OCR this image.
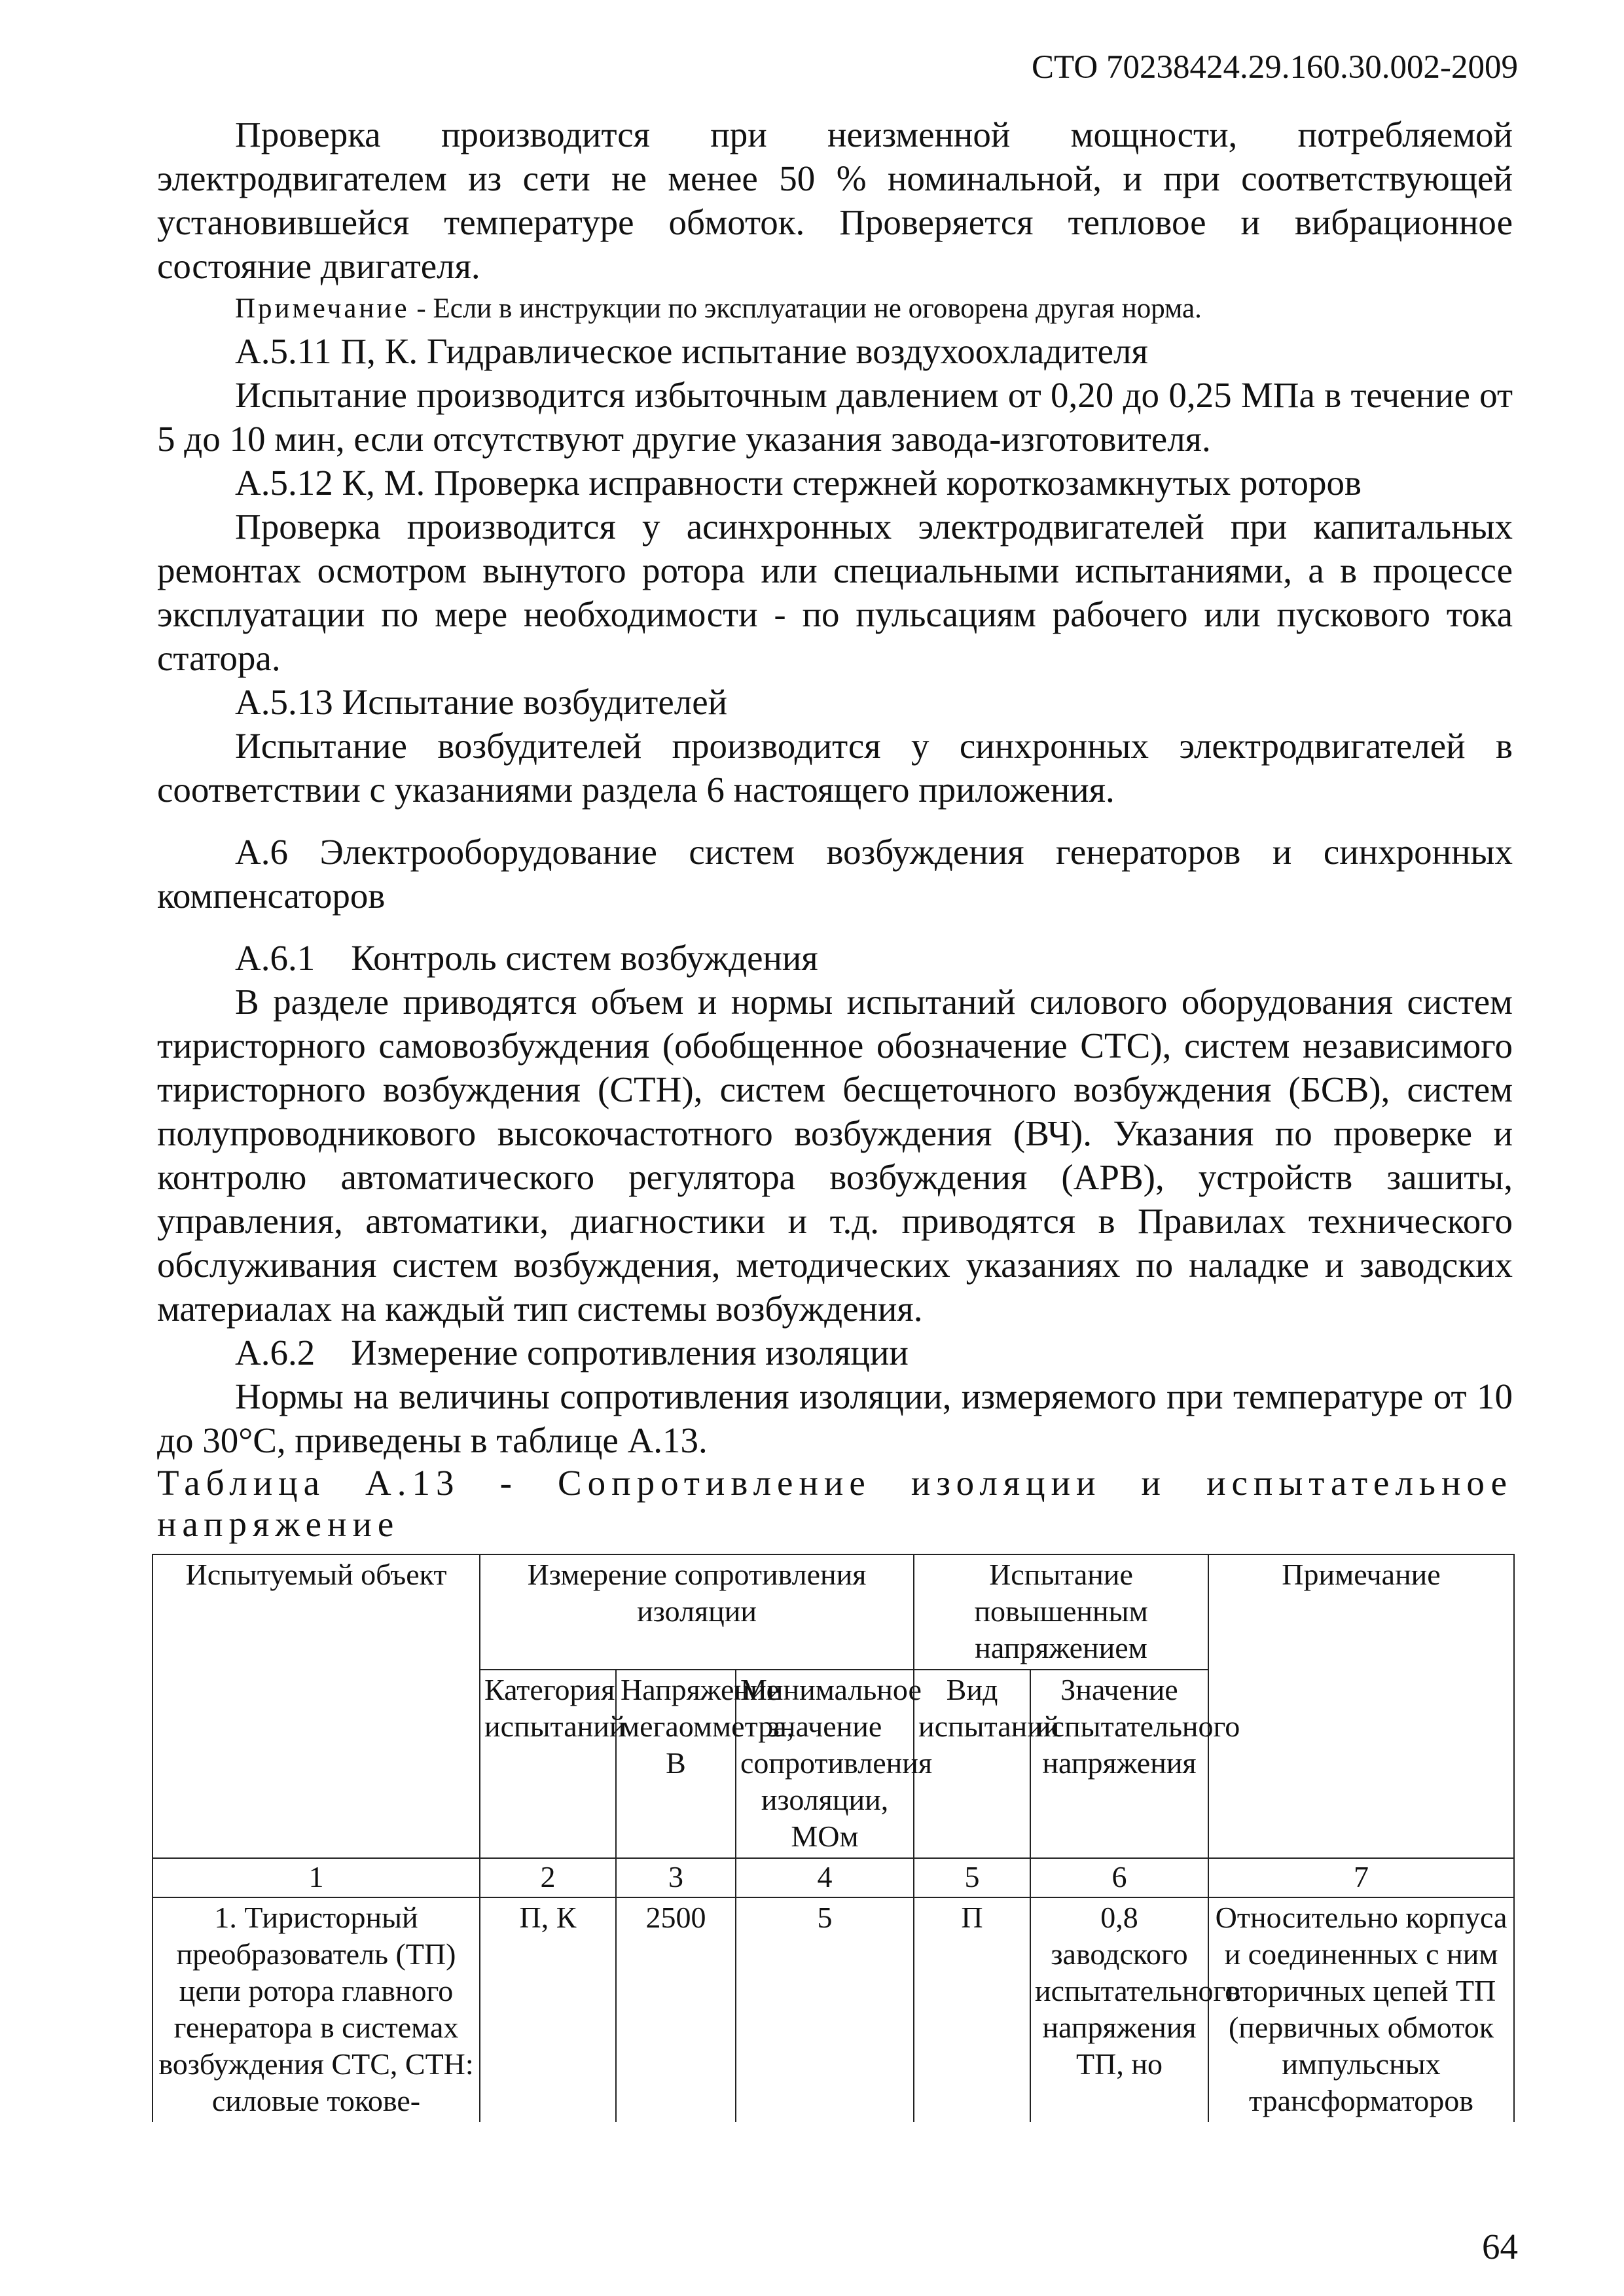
СТО 70238424.29.160.30.002-2009

Проверка производится при неизменной мощности, потребляемой электродвигателем из сети не менее 50 % номинальной, и при соответствующей установившейся температуре обмоток. Проверяется тепловое и вибрационное состояние двигателя.

Примечание - Если в инструкции по эксплуатации не оговорена другая норма.

А.5.11 П, К. Гидравлическое испытание воздухоохладителя

Испытание производится избыточным давлением от 0,20 до 0,25 МПа в течение от 5 до 10 мин, если отсутствуют другие указания завода-изготовителя.

А.5.12 К, М. Проверка исправности стержней короткозамкнутых роторов

Проверка производится у асинхронных электродвигателей при капитальных ремонтах осмотром вынутого ротора или специальными испытаниями, а в процессе эксплуатации по мере необходимости - по пульсациям рабочего или пускового тока статора.

А.5.13 Испытание возбудителей

Испытание возбудителей производится у синхронных электродвигателей в соответствии с указаниями раздела 6 настоящего приложения.

А.6 Электрооборудование систем возбуждения генераторов и синхронных компенсаторов

А.6.1 Контроль систем возбуждения

В разделе приводятся объем и нормы испытаний силового оборудования систем тиристорного самовозбуждения (обобщенное обозначение СТС), систем независимого тиристорного возбуждения (СТН), систем бесщеточного возбуждения (БСВ), систем полупроводникового высокочастотного возбуждения (ВЧ). Указания по проверке и контролю автоматического регулятора возбуждения (АРВ), устройств зашиты, управления, автоматики, диагностики и т.д. приводятся в Правилах технического обслуживания систем возбуждения, методических указаниях по наладке и заводских материалах на каждый тип системы возбуждения.

А.6.2 Измерение сопротивления изоляции

Нормы на величины сопротивления изоляции, измеряемого при температуре от 10 до 30°С, приведены в таблице А.13.

Таблица А.13 - Сопротивление изоляции и испытательное напряжение

Испытуемый объект	Измерение сопротивления изоляции			Испытание повышенным напряжением		Примечание
	Категория испытаний	Напряжение мегаомметра, В	Минимальное значение сопротивления изоляции, МОм	Вид испытаний	Значение испытательного напряжения	
1	2	3	4	5	6	7
1. Тиристорный преобразователь (ТП) цепи ротора главного генератора в системах возбуждения СТС, СТН: силовые токове-	П, К	2500	5	П	0,8 заводского испытательного напряжения ТП, но	Относительно корпуса и соединенных с ним вторичных цепей ТП (первичных обмоток импульсных трансформаторов
64
